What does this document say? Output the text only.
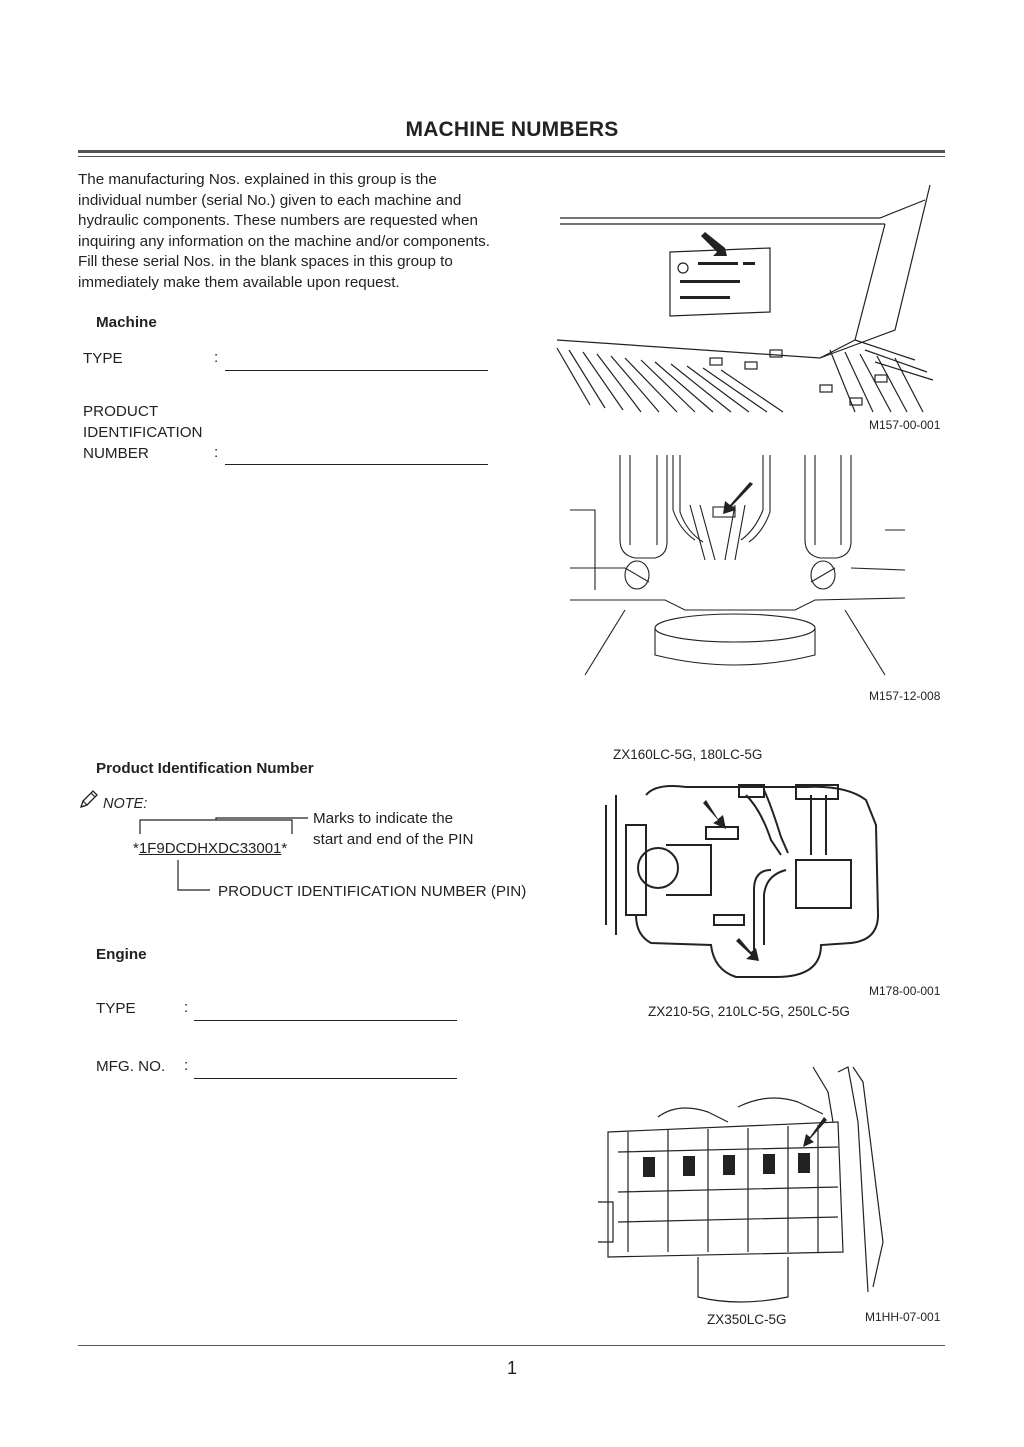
MACHINE NUMBERS
The manufacturing Nos. explained in this group is the
individual number (serial No.) given to each machine and
hydraulic components. These numbers are requested when
inquiring any information on the machine and/or components.
Fill these serial Nos. in the blank spaces in this group to
immediately make them available upon request.
Machine
TYPE	:
PRODUCT
IDENTIFICATION
NUMBER	:
Product Identification Number
NOTE:
*1F9DCDHXDC33001*
Marks to indicate the
start and end of the PIN
PRODUCT IDENTIFICATION NUMBER (PIN)
Engine
TYPE	:
MFG. NO. :
M157-00-001
M157-12-008
ZX160LC-5G, 180LC-5G
M178-00-001
ZX210-5G, 210LC-5G, 250LC-5G
ZX350LC-5G	M1HH-07-001
1
